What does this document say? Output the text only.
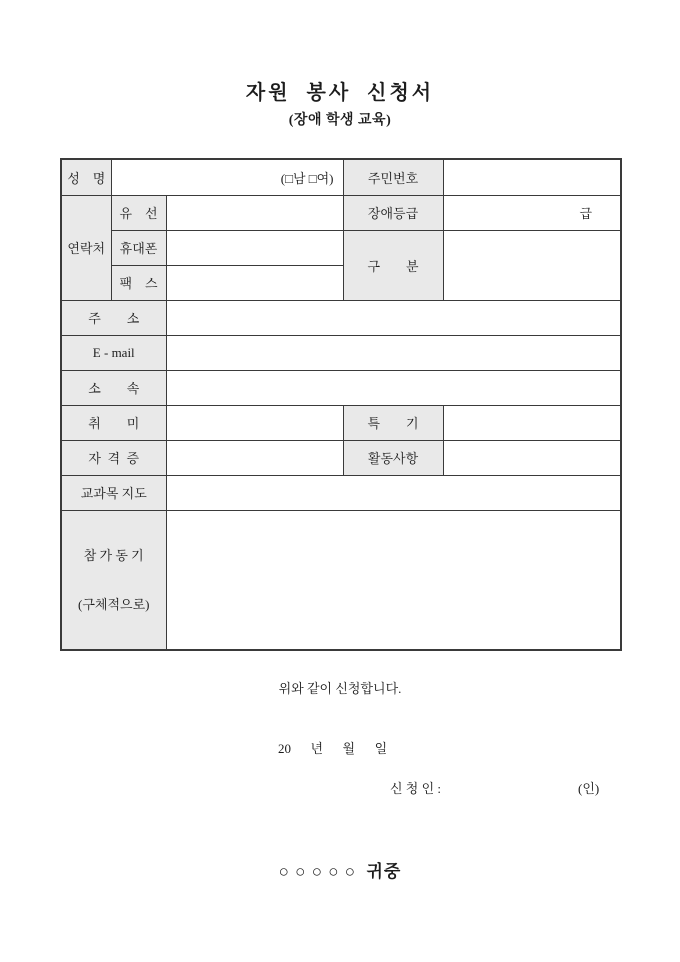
자원 봉사 신청서
(장애 학생 교육)
성　명	(□남 □여)		주민번호	
연락처	유　선		장애등급	급
	휴대폰		구　　분	
	팩　스			
주　　소				
E - mail				
소　　속				
취　　미			특　　기	
자  격  증			활동사항	
교과목 지도				

참 가 동 기

(구체적으로)				

위와 같이 신청합니다.
20      년      월      일
신 청 인 :	(인)
○ ○ ○ ○ ○  귀중
